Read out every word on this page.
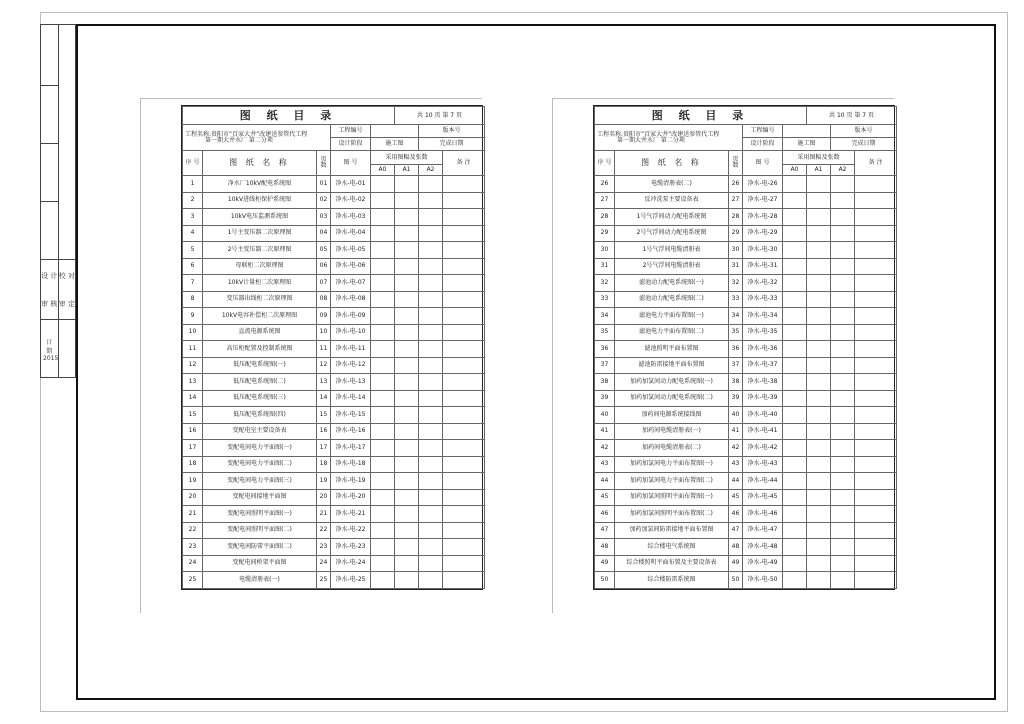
设 计
审 核
日 期 2015
校 对
审 定
图 纸 目 录					共 10 页 第 7 页		
工程名称:贵阳市“百家大井”改建送参管代工程
第一期大井水厂 第二分项			工程编号			版本号	
			设计阶段	施工图		完成日期	
序 号	图 纸 名 称	页 数	图 号	采用图幅及张数			备 注
				A0	A1	A2	
1	净水厂10kV配电系统图	01	净水-电-01				
2	10kV进线柜保护系统图	02	净水-电-02				
3	10kV电压监测系统图	03	净水-电-03				
4	1号主变压器二次原理图	04	净水-电-04				
5	2号主变压器二次原理图	05	净水-电-05				
6	母联柜二次原理图	06	净水-电-06				
7	10kV计量柜二次原理图	07	净水-电-07				
8	变压器出线柜二次原理图	08	净水-电-08				
9	10kV电容补偿柜二次原理图	09	净水-电-09				
10	直流电源系统图	10	净水-电-10				
11	高压柜配置及控制系统图	11	净水-电-11				
12	低压配电系统图(一)	12	净水-电-12				
13	低压配电系统图(二)	13	净水-电-13				
14	低压配电系统图(三)	14	净水-电-14				
15	低压配电系统图(四)	15	净水-电-15				
16	变配电室主要设备表	16	净水-电-16				
17	变配电间电力平面图(一)	17	净水-电-17				
18	变配电间电力平面图(二)	18	净水-电-18				
19	变配电间电力平面图(三)	19	净水-电-19				
20	变配电间接地平面图	20	净水-电-20				
21	变配电间照明平面图(一)	21	净水-电-21				
22	变配电间照明平面图(二)	22	净水-电-22				
23	变配电间防雷平面图(二)	23	净水-电-23				
24	变配电间桥架平面图	24	净水-电-24				
25	电缆清册表(一)	25	净水-电-25				
图 纸 目 录					共 10 页 第 7 页		
工程名称:贵阳市“百家大井”改建送参管代工程
第一期大井水厂 第二分项			工程编号			版本号	
			设计阶段	施工图		完成日期	
序 号	图 纸 名 称	页 数	图 号	采用图幅及张数			备 注
				A0	A1	A2	
26	电缆清册表(二)	26	净水-电-26				
27	反冲洗泵主要设备表	27	净水-电-27				
28	1号气浮间动力配电系统图	28	净水-电-28				
29	2号气浮间动力配电系统图	29	净水-电-29				
30	1号气浮间电缆清册表	30	净水-电-30				
31	2号气浮间电缆清册表	31	净水-电-31				
32	滤池动力配电系统图(一)	32	净水-电-32				
33	滤池动力配电系统图(二)	33	净水-电-33				
34	滤池电力平面布置图(一)	34	净水-电-34				
35	滤池电力平面布置图(二)	35	净水-电-35				
36	滤池照明平面布置图	36	净水-电-36				
37	滤池防雷接地平面布置图	37	净水-电-37				
38	加药加氯间动力配电系统图(一)	38	净水-电-38				
39	加药加氯间动力配电系统图(二)	39	净水-电-39				
40	加药间电源系统接线图	40	净水-电-40				
41	加药间电缆清册表(一)	41	净水-电-41				
42	加药间电缆清册表(二)	42	净水-电-42				
43	加药加氯间电力平面布置图(一)	43	净水-电-43				
44	加药加氯间电力平面布置图(二)	44	净水-电-44				
45	加药加氯间照明平面布置图(一)	45	净水-电-45				
46	加药加氯间照明平面布置图(二)	46	净水-电-46				
47	加药加氯间防雷接地平面布置图	47	净水-电-47				
48	综合楼电气系统图	48	净水-电-48				
49	综合楼照明平面布置及主要设备表	49	净水-电-49				
50	综合楼防雷系统图	50	净水-电-50				
